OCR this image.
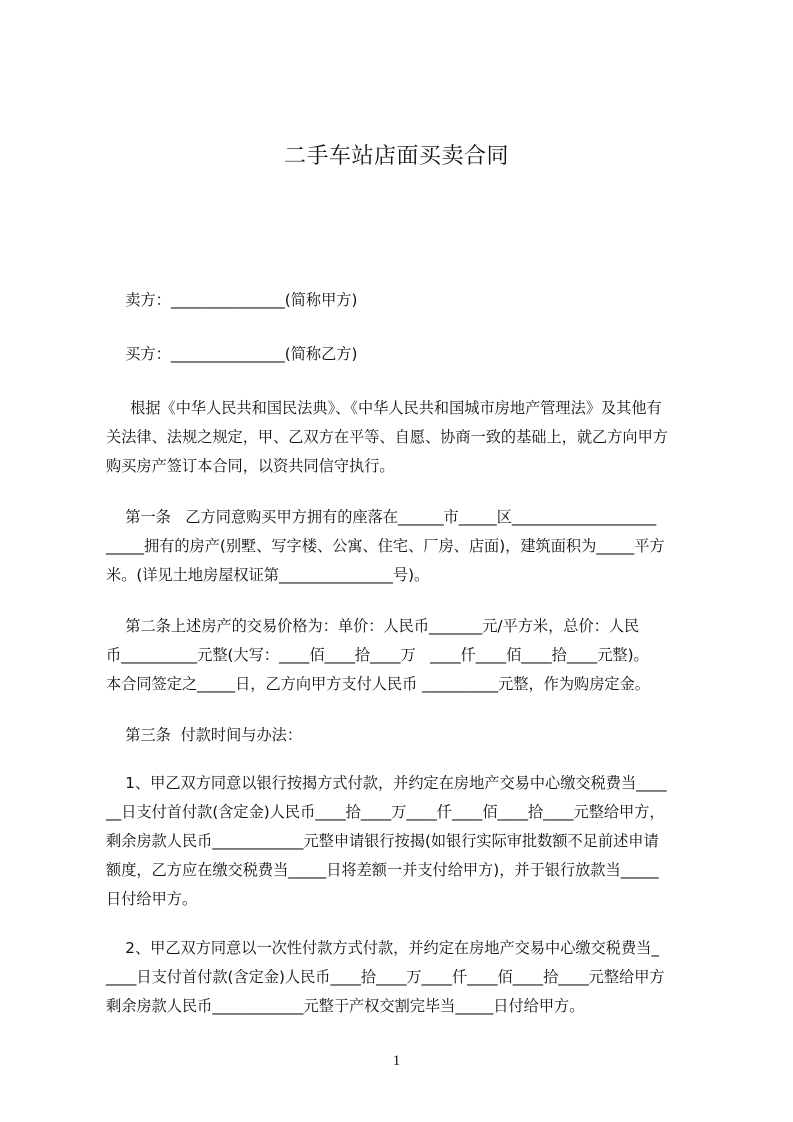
二手车站店面买卖合同
卖方：_______________(简称甲方)
买方：_______________(简称乙方)
根据《中华人民共和国民法典》、《中华人民共和国城市房地产管理法》及其他有
关法律、法规之规定，甲、乙双方在平等、自愿、协商一致的基础上，就乙方向甲方
购买房产签订本合同，以资共同信守执行。
第一条   乙方同意购买甲方拥有的座落在______市_____区___________________
_____拥有的房产(别墅、写字楼、公寓、住宅、厂房、店面)，建筑面积为_____平方
米。(详见土地房屋权证第_______________号)。
第二条上述房产的交易价格为：单价：人民币_______元/平方米，总价：人民
币__________元整(大写：____佰____拾____万   ____仟____佰____拾____元整)。
本合同签定之_____日，乙方向甲方支付人民币 __________元整，作为购房定金。
第三条  付款时间与办法：
1、甲乙双方同意以银行按揭方式付款，并约定在房地产交易中心缴交税费当____
__日支付首付款(含定金)人民币____拾____万____仟____佰____拾____元整给甲方，
剩余房款人民币____________元整申请银行按揭(如银行实际审批数额不足前述申请
额度，乙方应在缴交税费当_____日将差额一并支付给甲方)，并于银行放款当_____
日付给甲方。
2、甲乙双方同意以一次性付款方式付款，并约定在房地产交易中心缴交税费当_
____日支付首付款(含定金)人民币____拾____万____仟____佰____拾____元整给甲方
剩余房款人民币____________元整于产权交割完毕当_____日付给甲方。
1
